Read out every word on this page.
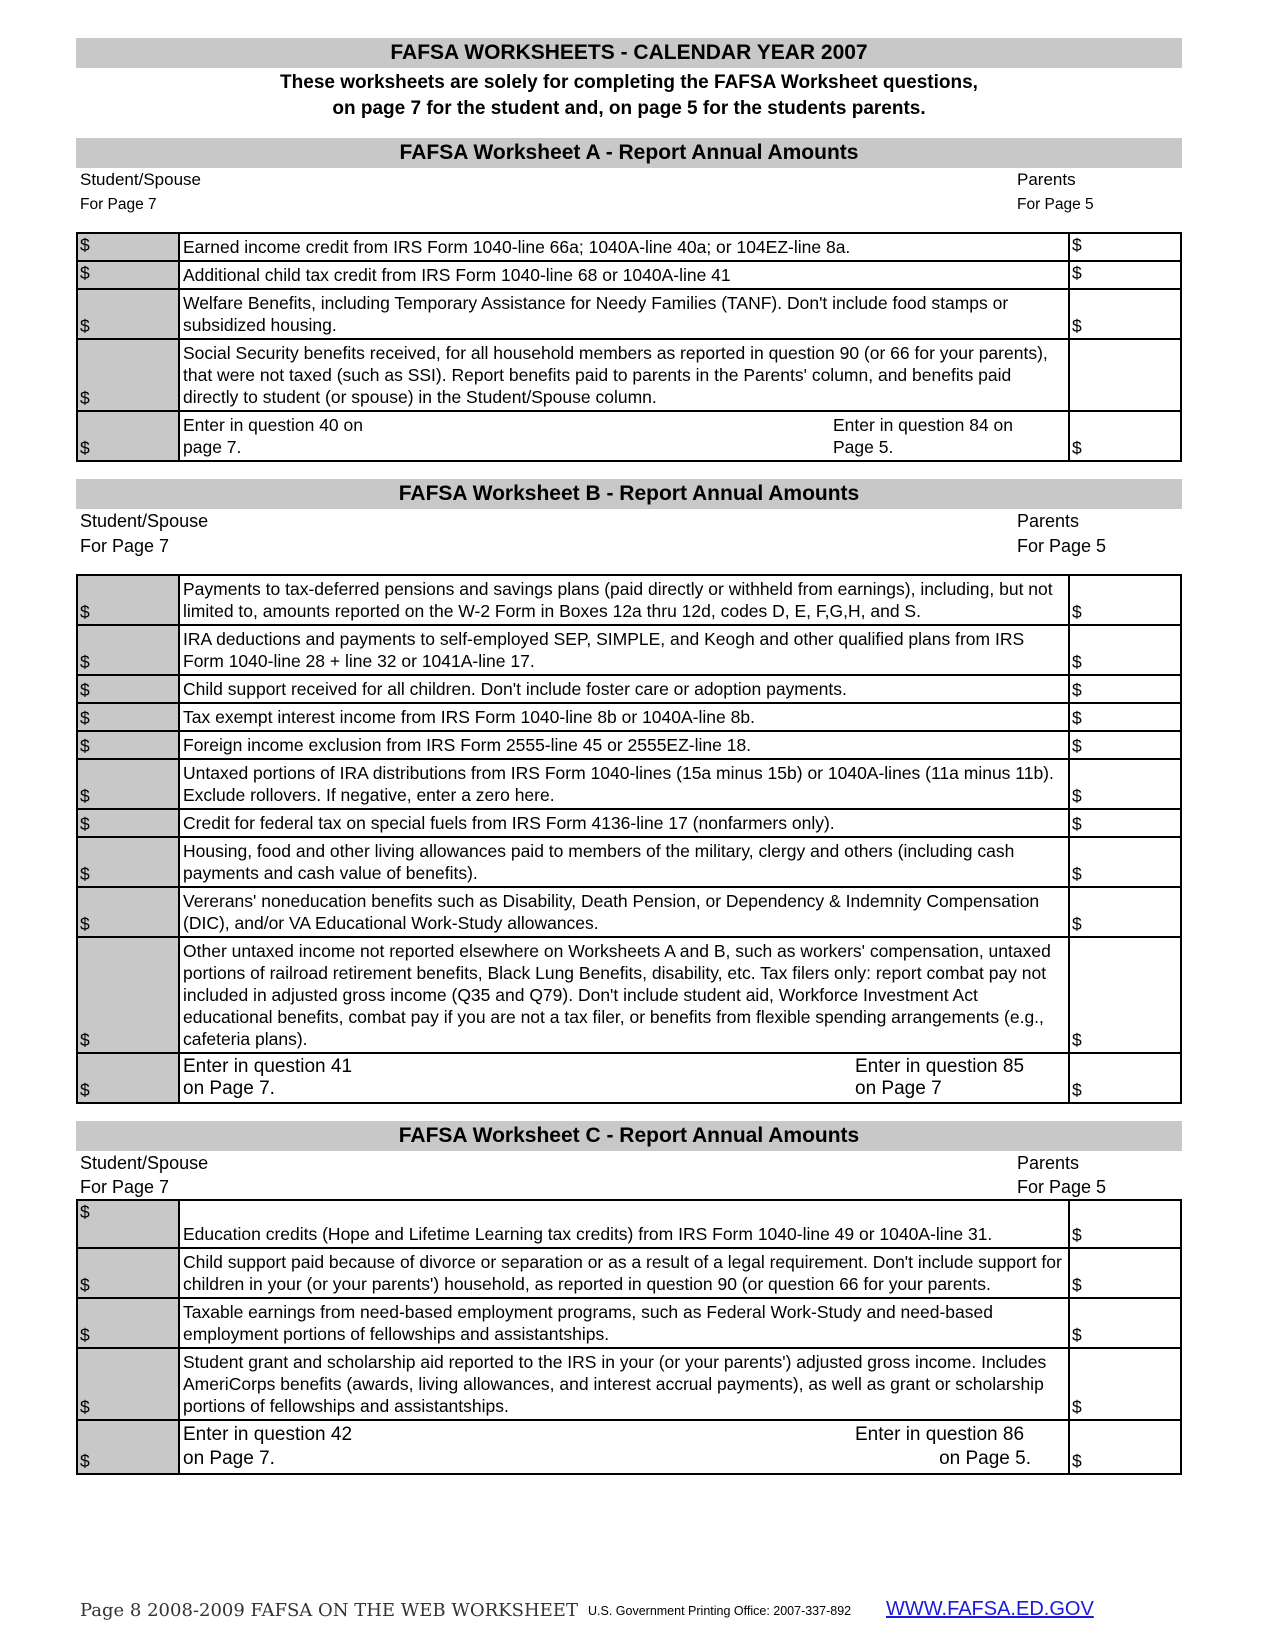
FAFSA WORKSHEETS - CALENDAR YEAR 2007
These worksheets are solely for completing the FAFSA Worksheet questions,
on page 7 for the student and, on page 5 for the students parents.
FAFSA Worksheet A - Report Annual Amounts
Student/Spouse
For Page 7
Parents
For Page 5
$	Earned income credit from IRS Form 1040-line 66a; 1040A-line 40a; or 104EZ-line 8a.	$
$	Additional child tax credit from IRS Form 1040-line 68 or 1040A-line 41	$
$	Welfare Benefits, including Temporary Assistance for Needy Families (TANF). Don't include food stamps or subsidized housing.	$
$	Social Security benefits received, for all household members as reported in question 90 (or 66 for your parents), that were not taxed (such as SSI). Report benefits paid to parents in the Parents' column, and benefits paid directly to student (or spouse) in the Student/Spouse column.	
$	Enter in question 40 on
page 7.
Enter in question 84 on
Page 5.	$
FAFSA Worksheet B - Report Annual Amounts
Student/Spouse
For Page 7
Parents
For Page 5
$	Payments to tax-deferred pensions and savings plans (paid directly or withheld from earnings), including, but not limited to, amounts reported on the W-2 Form in Boxes 12a thru 12d, codes D, E, F,G,H, and S.	$
$	IRA deductions and payments to self-employed SEP, SIMPLE, and Keogh and other qualified plans from IRS Form 1040-line 28 + line 32 or 1041A-line 17.	$
$	Child support received for all children. Don't include foster care or adoption payments.	$
$	Tax exempt interest income from IRS Form 1040-line 8b or 1040A-line 8b.	$
$	Foreign income exclusion from IRS Form 2555-line 45 or 2555EZ-line 18.	$
$	Untaxed portions of IRA distributions from IRS Form 1040-lines (15a minus 15b) or 1040A-lines (11a minus 11b). Exclude rollovers. If negative, enter a zero here.	$
$	Credit for federal tax on special fuels from IRS Form 4136-line 17 (nonfarmers only).	$
$	Housing, food and other living allowances paid to members of the military, clergy and others (including cash payments and cash value of benefits).	$
$	Vererans' noneducation benefits such as Disability, Death Pension, or Dependency & Indemnity Compensation (DIC), and/or VA Educational Work-Study allowances.	$
$	Other untaxed income not reported elsewhere on Worksheets A and B, such as workers' compensation, untaxed portions of railroad retirement benefits, Black Lung Benefits, disability, etc. Tax filers only: report combat pay not included in adjusted gross income (Q35 and Q79). Don't include student aid, Workforce Investment Act educational benefits, combat pay if you are not a tax filer, or benefits from flexible spending arrangements (e.g., cafeteria plans).	$
$	Enter in question 41
on Page 7.
Enter in question 85
on Page 7	$
FAFSA Worksheet C - Report Annual Amounts
Student/Spouse
For Page 7
Parents
For Page 5
$	Education credits (Hope and Lifetime Learning tax credits) from IRS Form 1040-line 49 or 1040A-line 31.	$
$	Child support paid because of divorce or separation or as a result of a legal requirement. Don't include support for children in your (or your parents') household, as reported in question 90 (or question 66 for your parents.	$
$	Taxable earnings from need-based employment programs, such as Federal Work-Study and need-based employment portions of fellowships and assistantships.	$
$	Student grant and scholarship aid reported to the IRS in your (or your parents') adjusted gross income. Includes AmeriCorps benefits (awards, living allowances, and interest accrual payments), as well as grant or scholarship portions of fellowships and assistantships.	$
$	Enter in question 42
on Page 7.
Enter in question 86
on Page 5.	$
Page 8 2008-2009 FAFSA ON THE WEB WORKSHEET U.S. Government Printing Office: 2007-337-892 WWW.FAFSA.ED.GOV
